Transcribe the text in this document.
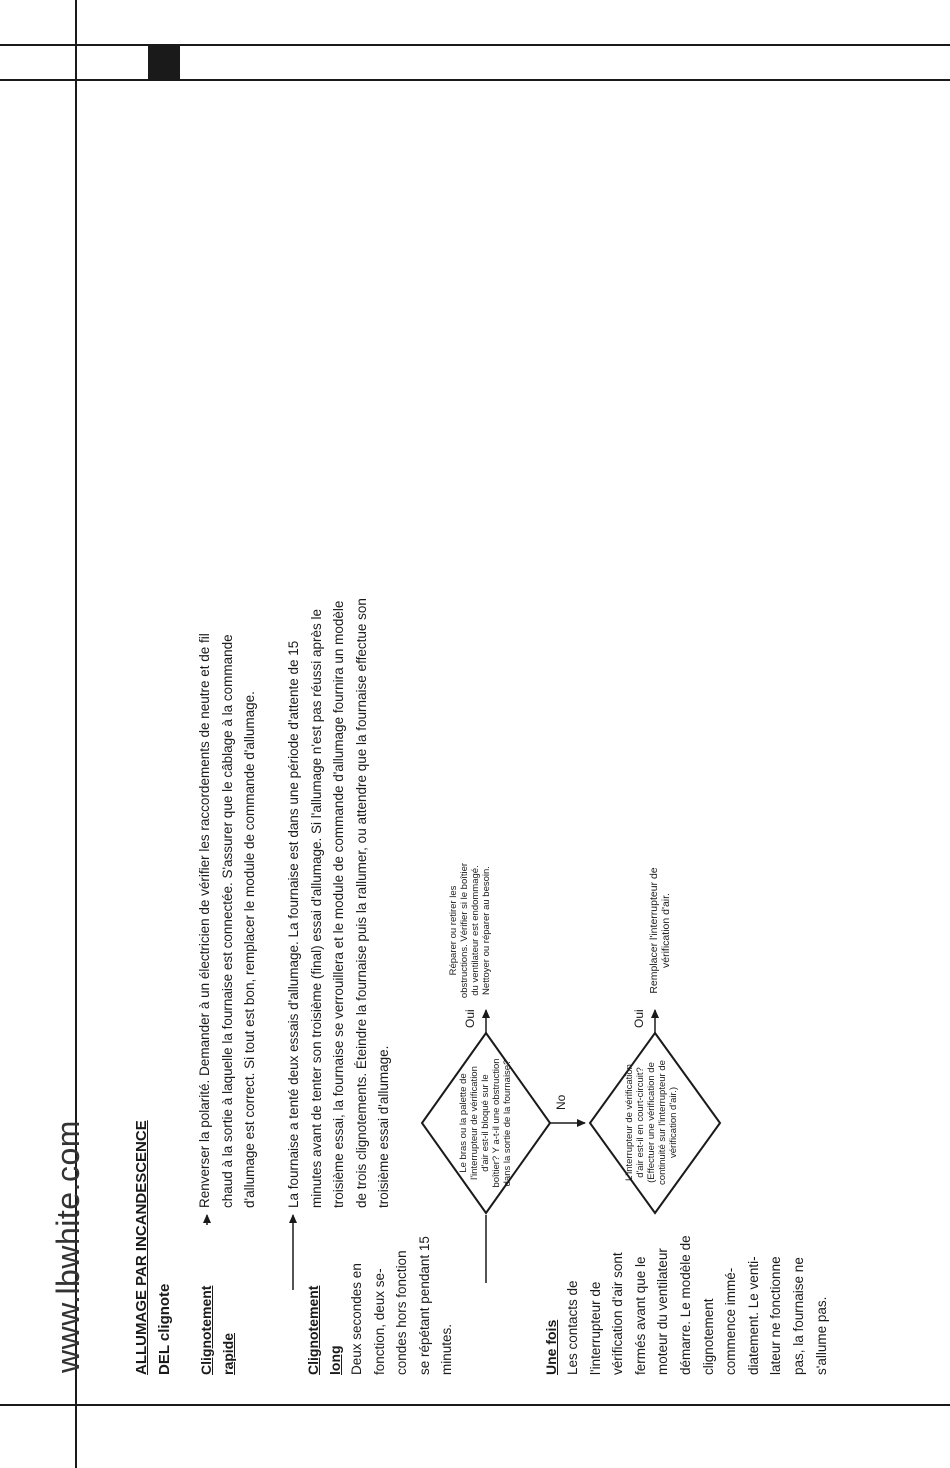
www.lbwhite.com	ALLUMAGE PAR INCANDESCENCE DEL clignote Clignotement rapide
Renverser la polarité. Demander à un électricien de vérifier les raccordements de neutre et de fil chaud à la sortie à laquelle la fournaise est connectée. S'assurer que le câblage à la commande d'allumage est correct. Si tout est bon, remplacer le module de commande d'allumage.
Clignotement long Deux secondes en fonction, deux se-condes hors fonction se répétant pendant 15 minutes.
La fournaise a tenté deux essais d'allumage. La fournaise est dans une période d'attente de 15 minutes avant de tenter son troisième (final) essai d'allumage. Si l'allumage n'est pas réussi après le troisième essai, la fournaise se verrouillera et le module de commande d'allumage fournira un modèle de trois clignotements. Éteindre la fournaise puis la rallumer, ou attendre que la fournaise effectue son troisième essai d'allumage.
Une fois Les contacts de l'interrupteur de vérification d'air sont fermés avant que le moteur du ventilateur démarre. Le modèle de clignotement commence immé-diatement. Le venti-lateur ne fonctionne pas, la fournaise ne s'allume pas.
Le bras ou la palette de l'interrupteur de vérification d'air est-il bloqué sur le boîtier? Y a-t-il une obstruction dans la sortie de la fournaise?
Oui
No
Réparer ou retirer les obstructions. Vérifier si le boîtier du ventilateur est endommagé. Nettoyer ou réparer au besoin.
L'interrupteur de vérification d'air est-il en court-circuit? (Effectuer une vérification de continuité sur l'interrupteur de vérification d'air.)
Oui
Remplacer l'interrupteur de vérification d'air.
